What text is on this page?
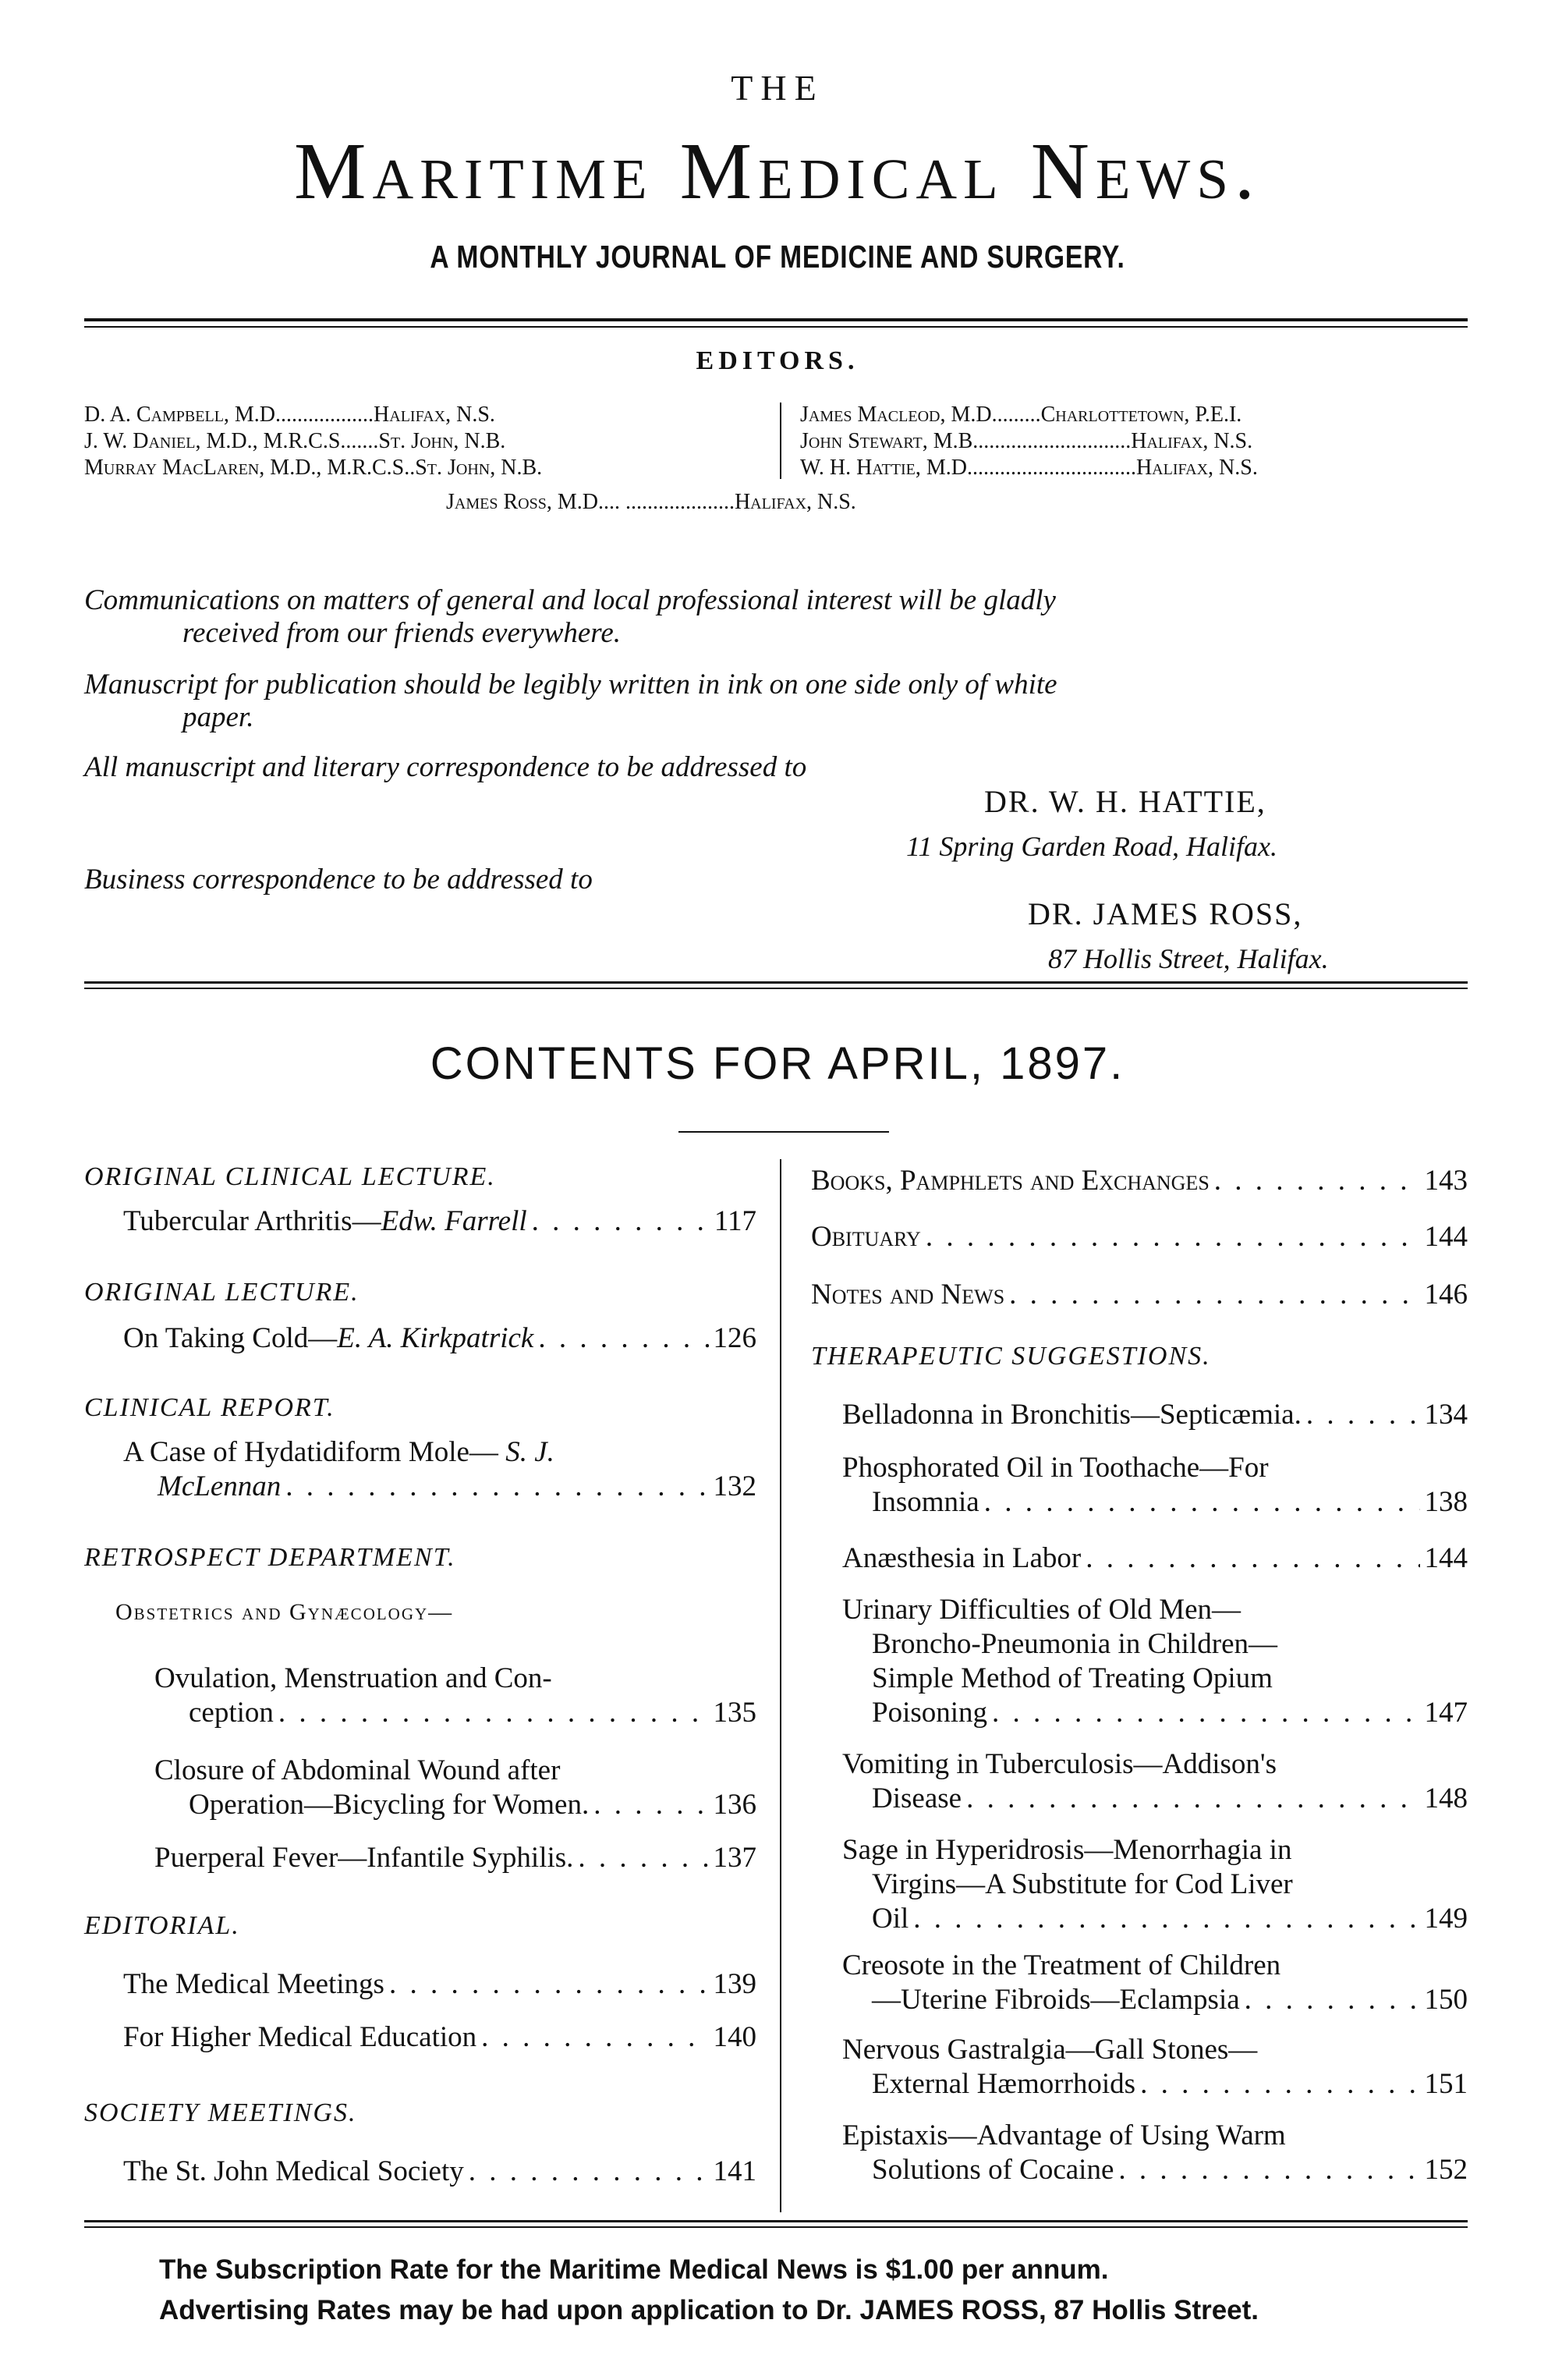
THE
Maritime Medical News.
A MONTHLY JOURNAL OF MEDICINE AND SURGERY.
EDITORS.
D. A. Campbell, M.D..................Halifax, N.S.
J. W. Daniel, M.D., M.R.C.S.......St. John, N.B.
Murray MacLaren, M.D., M.R.C.S..St. John, N.B.
James Macleod, M.D.........Charlottetown, P.E.I.
John Stewart, M.B.............................Halifax, N.S.
W. H. Hattie, M.D...............................Halifax, N.S.
James Ross, M.D.... ....................Halifax, N.S.
Communications on matters of general and local professional interest will be gladly
received from our friends everywhere.
Manuscript for publication should be legibly written in ink on one side only of white
paper.
All manuscript and literary correspondence to be addressed to
DR. W. H. HATTIE,
11 Spring Garden Road, Halifax.
Business correspondence to be addressed to
DR. JAMES ROSS,
87 Hollis Street, Halifax.
CONTENTS FOR APRIL, 1897.
ORIGINAL CLINICAL LECTURE.
Tubercular Arthritis—Edw. Farrell . . .	117
ORIGINAL LECTURE.
On Taking Cold—E. A. Kirkpatrick . . .	126
CLINICAL REPORT.
A Case of Hydatidiform Mole— S. J.
McLennan . . .	132
RETROSPECT DEPARTMENT.
Obstetrics and Gynæcology—
Ovulation, Menstruation and Con-
ception . . .	135
Closure of Abdominal Wound after
Operation—Bicycling for Women. . . .	136
Puerperal Fever—Infantile Syphilis. . . .	137
EDITORIAL.
The Medical Meetings . . .	139
For Higher Medical Education . . .	140
SOCIETY MEETINGS.
The St. John Medical Society . . .	141
Books, Pamphlets and Exchanges . . .	143
Obituary . . .	144
Notes and News . . .	146
THERAPEUTIC SUGGESTIONS.
Belladonna in Bronchitis—Septicæmia. . . .	134
Phosphorated Oil in Toothache—For
Insomnia . . .	138
Anæsthesia in Labor . . .	144
Urinary Difficulties of Old Men—
Broncho-Pneumonia in Children—
Simple Method of Treating Opium
Poisoning . . .	147
Vomiting in Tuberculosis—Addison's
Disease . . .	148
Sage in Hyperidrosis—Menorrhagia in
Virgins—A Substitute for Cod Liver
Oil . . .	149
Creosote in the Treatment of Children
—Uterine Fibroids—Eclampsia . . .	150
Nervous Gastralgia—Gall Stones—
External Hæmorrhoids . . .	151
Epistaxis—Advantage of Using Warm
Solutions of Cocaine . . .	152
The Subscription Rate for the Maritime Medical News is $1.00 per annum.
Advertising Rates may be had upon application to Dr. JAMES ROSS, 87 Hollis Street.
